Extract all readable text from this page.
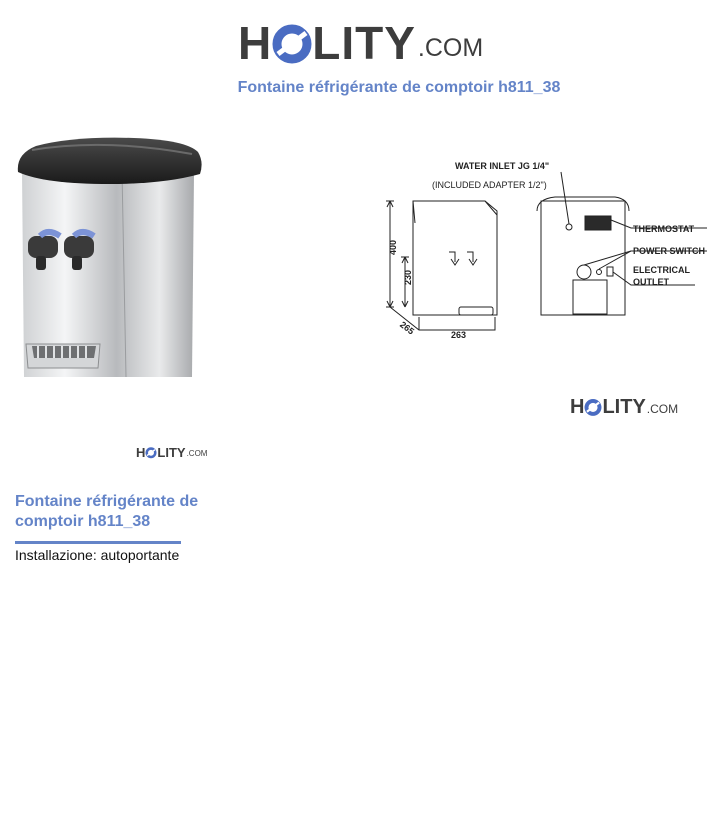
H LITY .COM
Fontaine réfrigérante de comptoir h811_38
H LITY .COM
WATER INLET JG 1/4"
(INCLUDED ADAPTER 1/2")
THERMOSTAT
POWER SWITCH
ELECTRICAL
OUTLET
400
230
265	263
H LITY .COM
Fontaine réfrigérante de comptoir h811_38
Installazione: autoportante
